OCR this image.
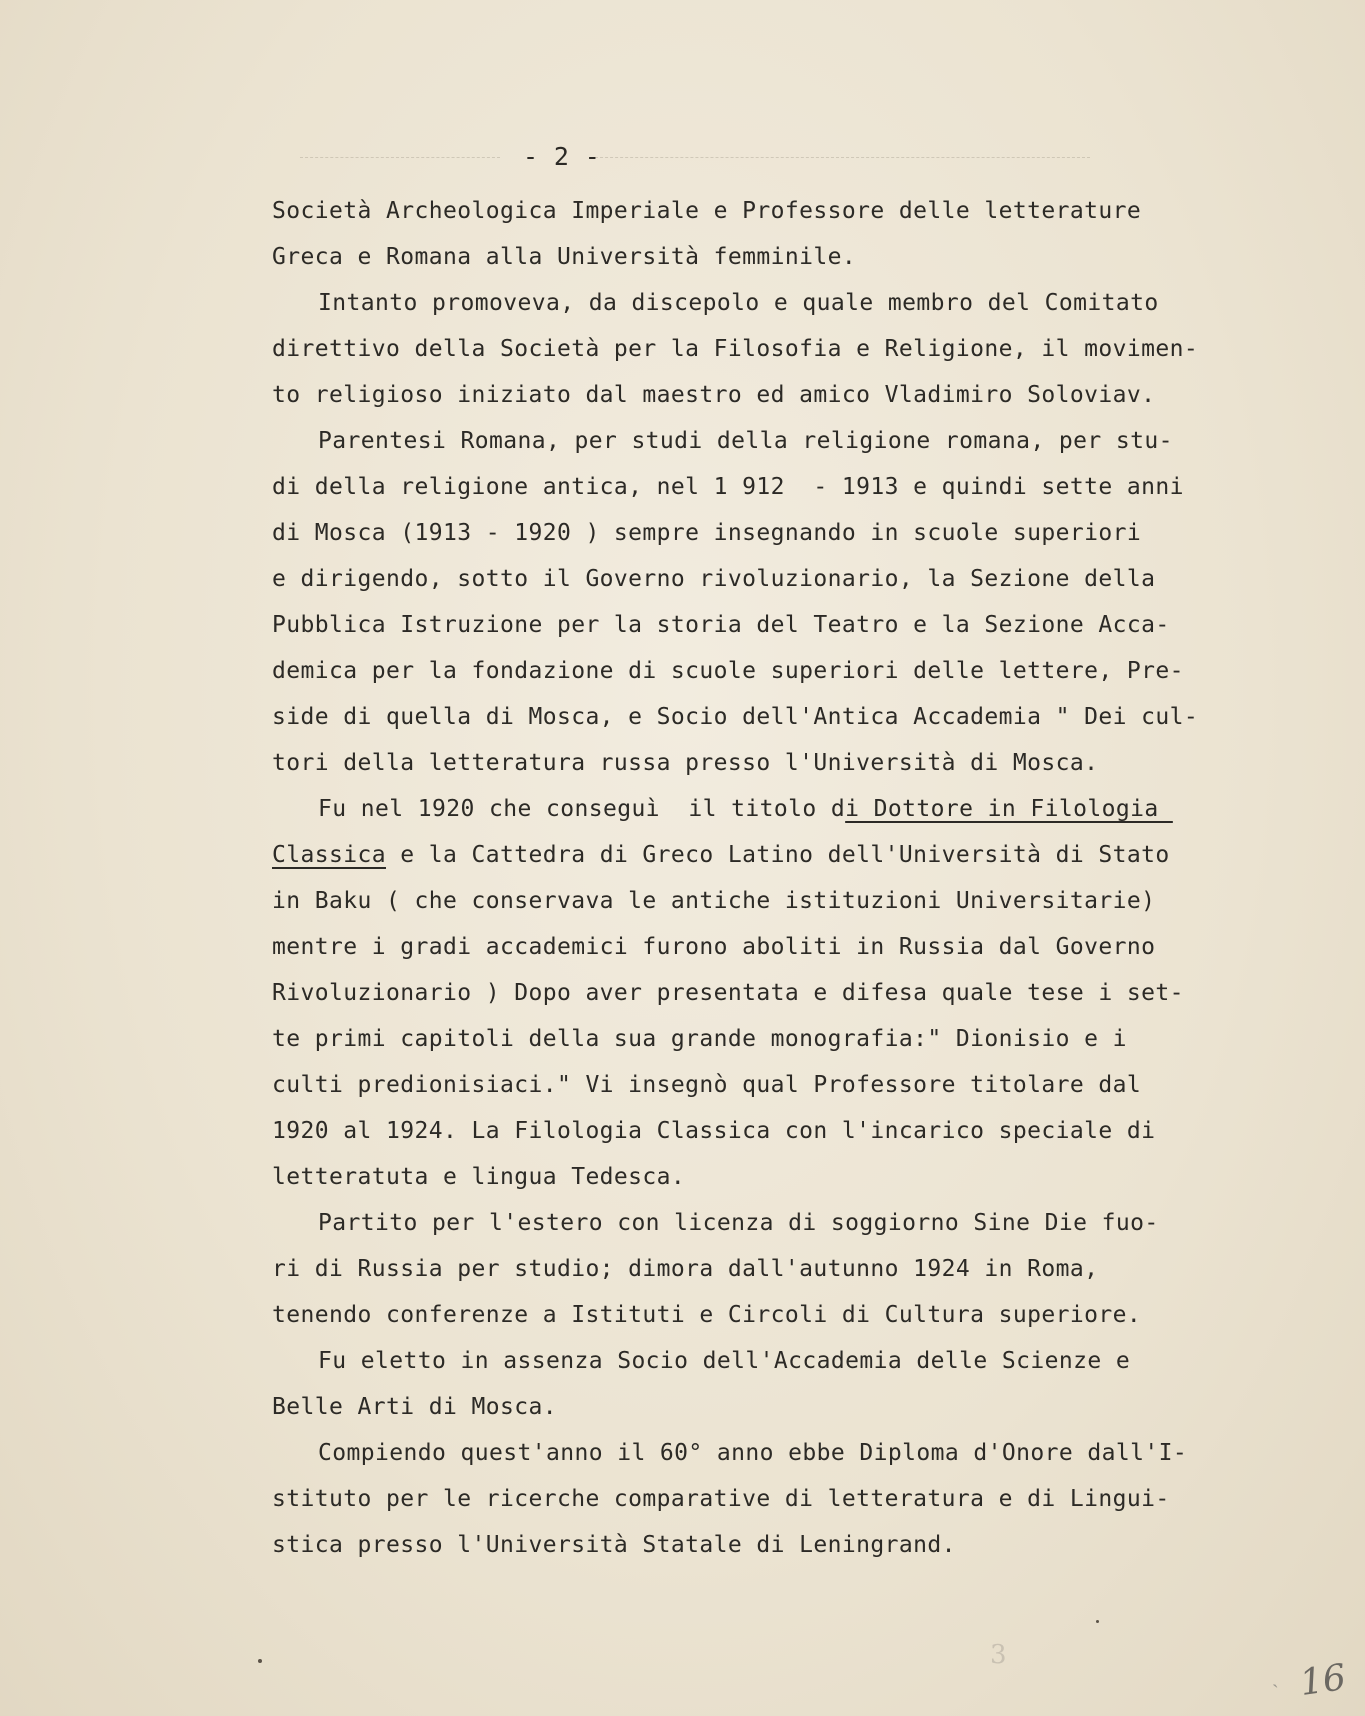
- 2 -
Società Archeologica Imperiale e Professore delle letterature
Greca e Romana alla Università femminile.
Intanto promoveva, da discepolo e quale membro del Comitato
direttivo della Società per la Filosofia e Religione, il movimen-
to religioso iniziato dal maestro ed amico Vladimiro Soloviav.
Parentesi Romana, per studi della religione romana, per stu-
di della religione antica, nel 1 912  - 1913 e quindi sette anni
di Mosca (1913 - 1920 ) sempre insegnando in scuole superiori
e dirigendo, sotto il Governo rivoluzionario, la Sezione della
Pubblica Istruzione per la storia del Teatro e la Sezione Acca-
demica per la fondazione di scuole superiori delle lettere, Pre-
side di quella di Mosca, e Socio dell'Antica Accademia " Dei cul-
tori della letteratura russa presso l'Università di Mosca.
Fu nel 1920 che conseguì  il titolo di Dottore in Filologia
Classica e la Cattedra di Greco Latino dell'Università di Stato
in Baku ( che conservava le antiche istituzioni Universitarie)
mentre i gradi accademici furono aboliti in Russia dal Governo
Rivoluzionario ) Dopo aver presentata e difesa quale tese i set-
te primi capitoli della sua grande monografia:" Dionisio e i
culti predionisiaci." Vi insegnò qual Professore titolare dal
1920 al 1924. La Filologia Classica con l'incarico speciale di
letteratuta e lingua Tedesca.
Partito per l'estero con licenza di soggiorno Sine Die fuo-
ri di Russia per studio; dimora dall'autunno 1924 in Roma,
tenendo conferenze a Istituti e Circoli di Cultura superiore.
Fu eletto in assenza Socio dell'Accademia delle Scienze e
Belle Arti di Mosca.
Compiendo quest'anno il 60° anno ebbe Diploma d'Onore dall'I-
stituto per le ricerche comparative di letteratura e di Lingui-
stica presso l'Università Statale di Leningrand.
3
ˎ 16
